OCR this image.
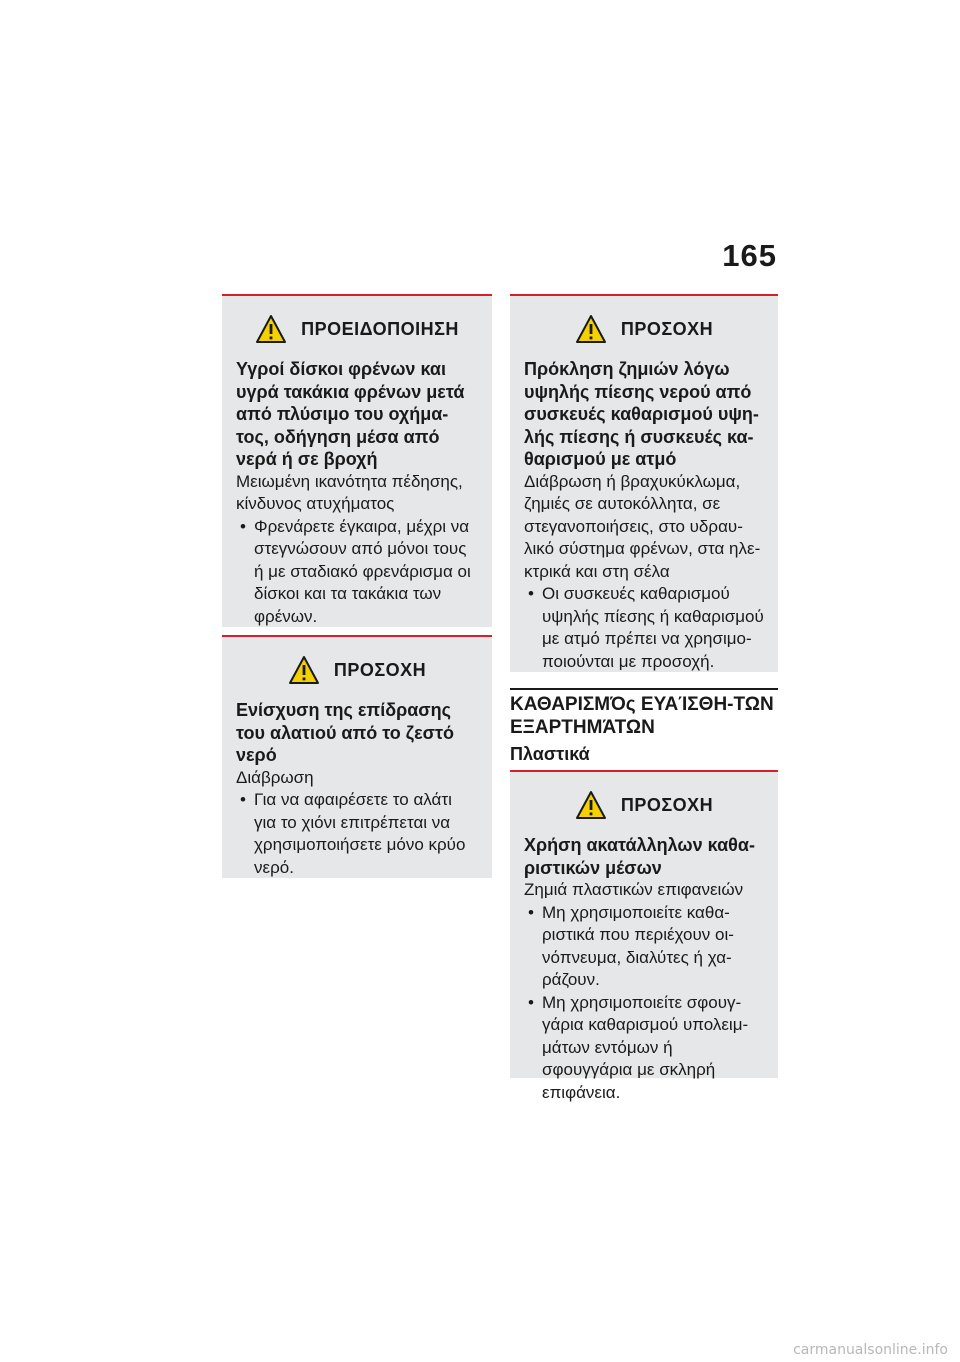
165
ΠΡΟΕΙΔΟΠΟΙΗΣΗ
Υγροί δίσκοι φρένων και υγρά τακάκια φρένων μετά από πλύσιμο του οχήμα-τος, οδήγηση μέσα από νερά ή σε βροχή
Μειωμένη ικανότητα πέδησης, κίνδυνος ατυχήματος
• Φρενάρετε έγκαιρα, μέχρι να στεγνώσουν από μόνοι τους ή με σταδιακό φρενάρισμα οι δίσκοι και τα τακάκια των φρένων.
ΠΡΟΣΟΧΗ
Ενίσχυση της επίδρασης του αλατιού από το ζεστό νερό
Διάβρωση
• Για να αφαιρέσετε το αλάτι για το χιόνι επιτρέπεται να χρησιμοποιήσετε μόνο κρύο νερό.
ΠΡΟΣΟΧΗ
Πρόκληση ζημιών λόγω υψηλής πίεσης νερού από συσκευές καθαρισμού υψη-λής πίεσης ή συσκευές κα-θαρισμού με ατμό
Διάβρωση ή βραχυκύκλωμα, ζημιές σε αυτοκόλλητα, σε στεγανοποιήσεις, στο υδραυ-λικό σύστημα φρένων, στα ηλε-κτρικά και στη σέλα
• Οι συσκευές καθαρισμού υψηλής πίεσης ή καθαρισμού με ατμό πρέπει να χρησιμο-ποιούνται με προσοχή.
ΚΑΘΑΡΙΣΜΌς ΕΥΑΊΣΘΗ-ΤΩΝ ΕΞΑΡΤΗΜΆΤΩΝ
Πλαστικά
ΠΡΟΣΟΧΗ
Χρήση ακατάλληλων καθα-ριστικών μέσων
Ζημιά πλαστικών επιφανειών
• Μη χρησιμοποιείτε καθα-ριστικά που περιέχουν οι-νόπνευμα, διαλύτες ή χα-ράζουν.
• Μη χρησιμοποιείτε σφουγ-γάρια καθαρισμού υπολειμ-μάτων εντόμων ή σφουγγάρια με σκληρή επιφάνεια.
carmanualsonline.info
